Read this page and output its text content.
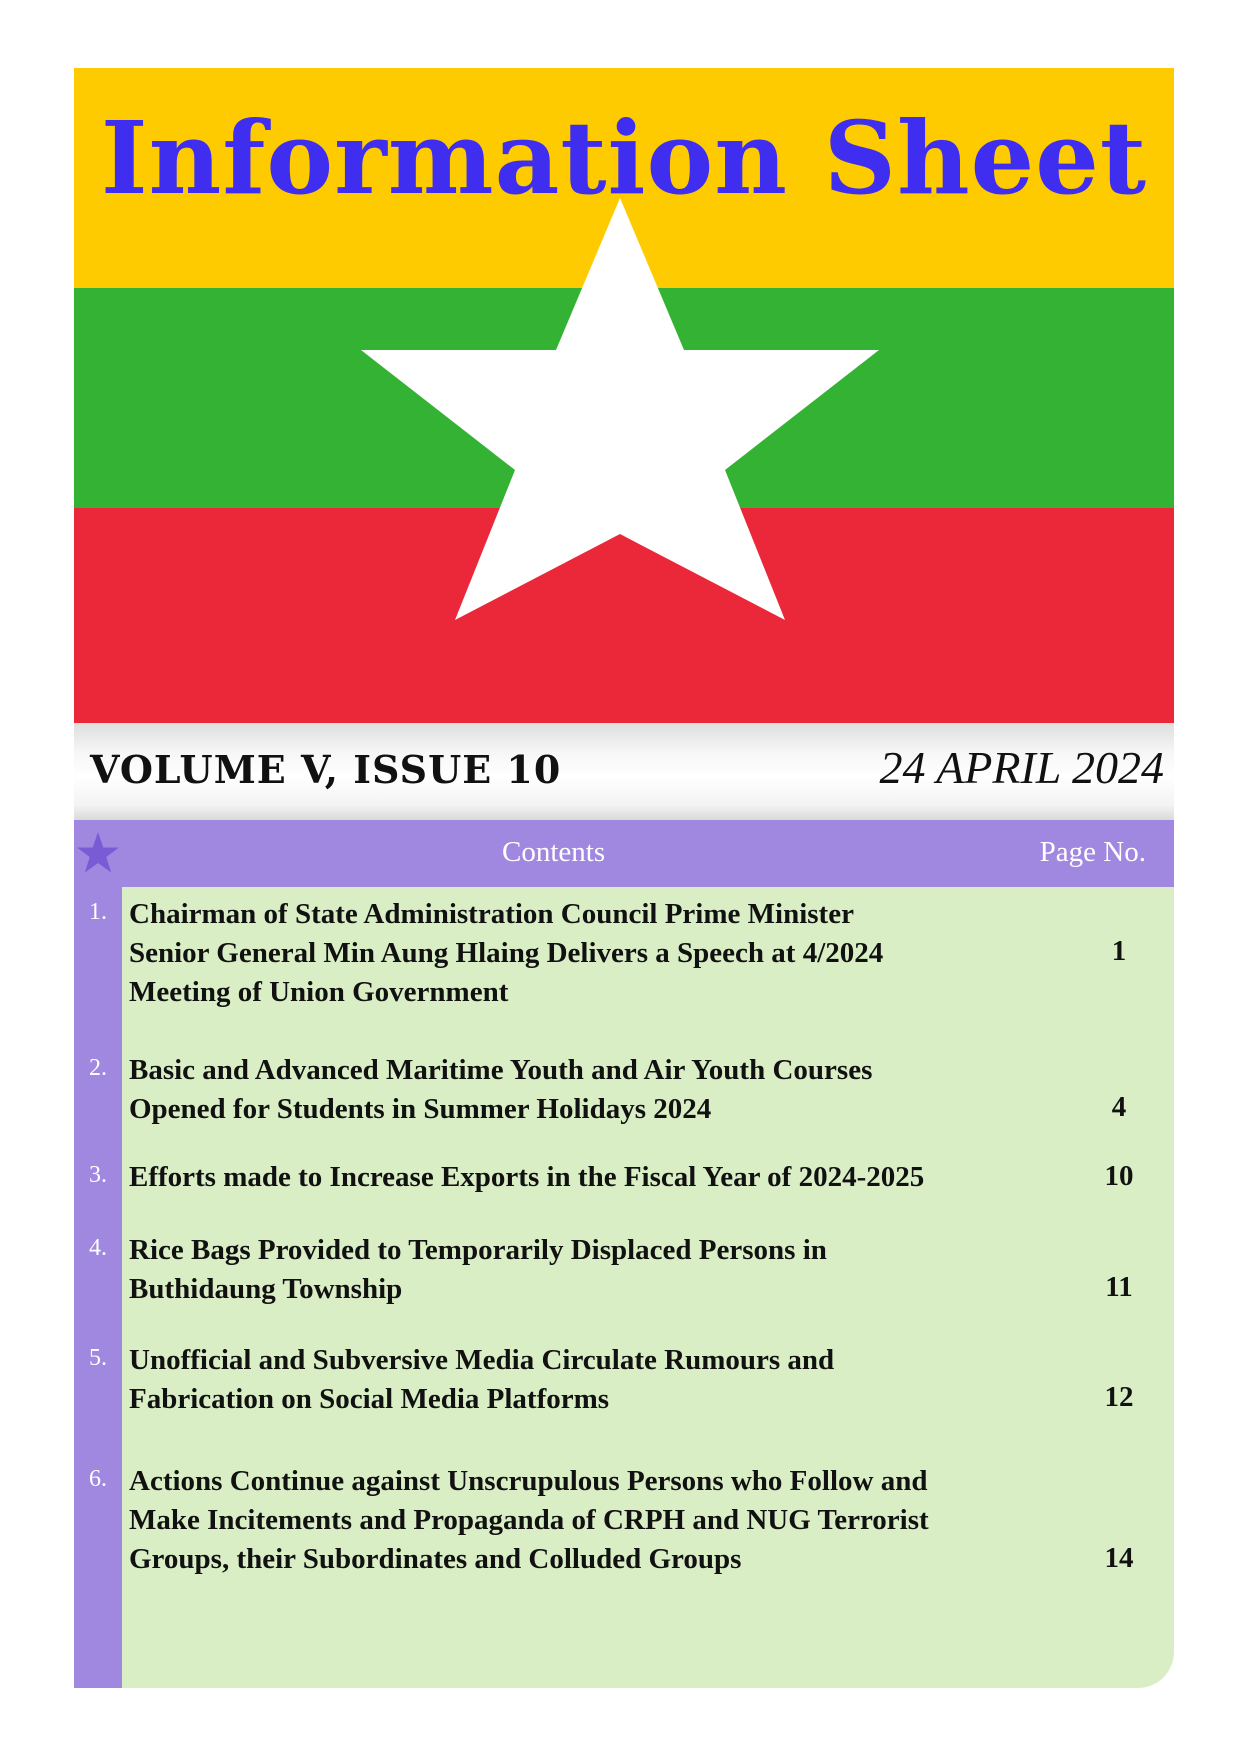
Information Sheet
VOLUME V, ISSUE 10	24 APRIL 2024
Contents	Page No.
1. Chairman of State Administration Council Prime Minister
Senior General Min Aung Hlaing Delivers a Speech at 4/2024
Meeting of Union Government
1
2. Basic and Advanced Maritime Youth and Air Youth Courses
Opened for Students in Summer Holidays 2024	4
3. Efforts made to Increase Exports in the Fiscal Year of 2024-2025	10
4. Rice Bags Provided to Temporarily Displaced Persons in
Buthidaung Township	11
5. Unofficial and Subversive Media Circulate Rumours and
Fabrication on Social Media Platforms	12
6. Actions Continue against Unscrupulous Persons who Follow and
Make Incitements and Propaganda of CRPH and NUG Terrorist
Groups, their Subordinates and Colluded Groups	14
